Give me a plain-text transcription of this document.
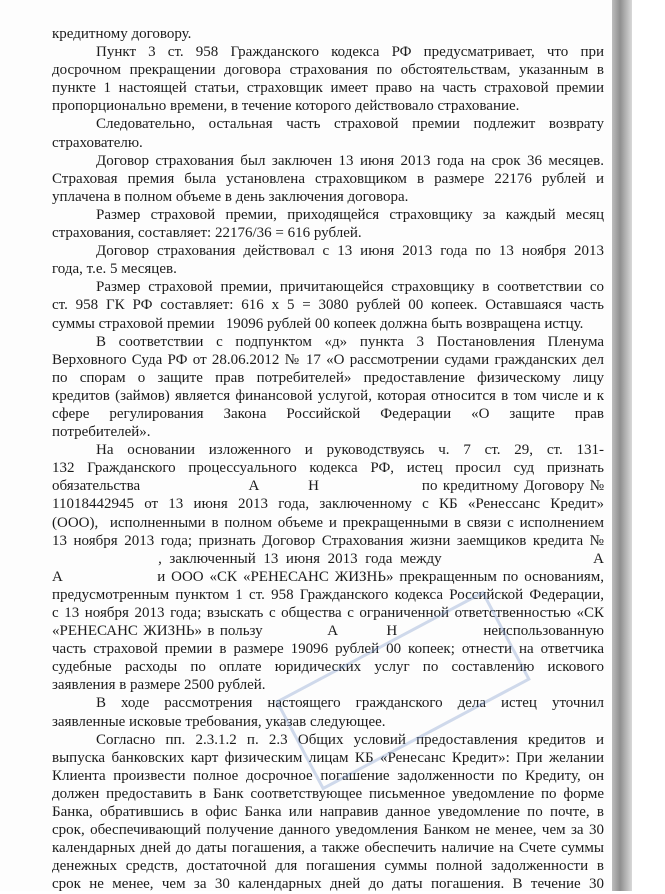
кредитному договору.
Пункт 3 ст. 958 Гражданского кодекса РФ предусматривает, что при
досрочном прекращении договора страхования по обстоятельствам, указанным в
пункте 1 настоящей статьи, страховщик имеет право на часть страховой премии
пропорционально времени, в течение которого действовало страхование.
Следовательно, остальная часть страховой премии подлежит возврату
страхователю.
Договор страхования был заключен 13 июня 2013 года на срок 36 месяцев.
Страховая премия была установлена страховщиком в размере 22176 рублей и
уплачена в полном объеме в день заключения договора.
Размер страховой премии, приходящейся страховщику за каждый месяц
страхования, составляет: 22176/36 = 616 рублей.
Договор страхования действовал с 13 июня 2013 года по 13 ноября 2013
года, т.е. 5 месяцев.
Размер страховой премии, причитающейся страховщику в соответствии со
ст. 958 ГК РФ составляет: 616 х 5 = 3080 рублей 00 копеек. Оставшаяся часть
суммы страховой премии   19096 рублей 00 копеек должна быть возвращена истцу.
В соответствии с подпунктом «д» пункта 3 Постановления Пленума
Верховного Суда РФ от 28.06.2012 № 17 «О рассмотрении судами гражданских дел
по спорам о защите прав потребителей» предоставление физическому лицу
кредитов (займов) является финансовой услугой, которая относится в том числе и к
сфере регулирования Закона Российской Федерации «О защите прав
потребителей».
На основании изложенного и руководствуясь ч. 7 ст. 29, ст. 131-
132 Гражданского процессуального кодекса РФ, истец просил суд признать
обязательства                    А         Н                   по кредитному Договору №
11018442945 от 13 июня 2013 года, заключенному с КБ «Ренессанс Кредит»
(ООО),  исполненными в полном объеме и прекращенными в связи с исполнением
13 ноября 2013 года; признать Договор Страхования жизни заемщиков кредита №
, заключенный 13 июня 2013 года между                    А
А                и ООО «СК «РЕНЕСАНС ЖИЗНЬ» прекращенным по основаниям,
предусмотренным пунктом 1 ст. 958 Гражданского кодекса Российской Федерации,
с 13 ноября 2013 года; взыскать с общества с ограниченной ответственностью «СК
«РЕНЕСАНС ЖИЗНЬ» в пользу            А         Н                неиспользованную
часть страховой премии в размере 19096 рублей 00 копеек; отнести на ответчика
судебные расходы по оплате юридических услуг по составлению искового
заявления в размере 2500 рублей.
В ходе рассмотрения настоящего гражданского дела истец уточнил
заявленные исковые требования, указав следующее.
Согласно пп. 2.3.1.2 п. 2.3 Общих условий предоставления кредитов и
выпуска банковских карт физическим лицам КБ «Ренесанс Кредит»: При желании
Клиента произвести полное досрочное погашение задолженности по Кредиту, он
должен предоставить в Банк соответствующее письменное уведомление по форме
Банка, обратившись в офис Банка или направив данное уведомление по почте, в
срок, обеспечивающий получение данного уведомления Банком не менее, чем за 30
календарных дней до даты погашения, а также обеспечить наличие на Счете суммы
денежных средств, достаточной для погашения суммы полной задолженности в
срок не менее, чем за 30 календарных дней до даты погашения. В течение 30
